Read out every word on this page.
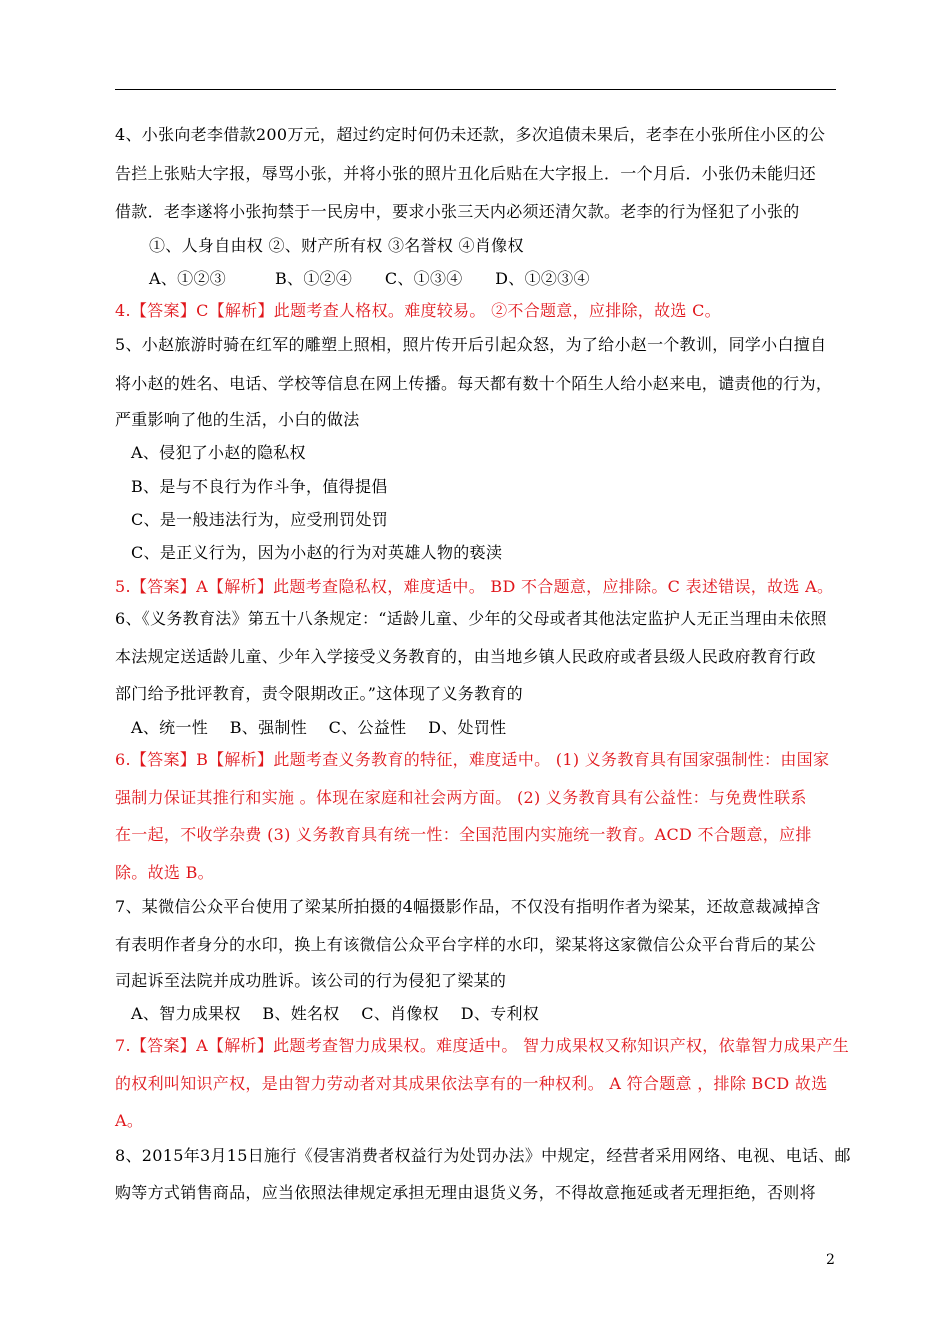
4、小张向老李借款200万元，超过约定时何仍未还款，多次追债未果后，老李在小张所住小区的公
告拦上张贴大字报，辱骂小张，并将小张的照片丑化后贴在大字报上．一个月后．小张仍未能归还
借款．老李遂将小张拘禁于一民房中，要求小张三天内必须还清欠款。老李的行为怪犯了小张的
①、人身自由权 ②、财产所有权 ③名誉权 ④肖像权
A、①②③　　　B、①②④　　C、①③④　　D、①②③④
4.【答案】C【解析】此题考查人格权。难度较易。 ②不合题意，应排除，故选 C。
5、小赵旅游时骑在红军的雕塑上照相，照片传开后引起众怒，为了给小赵一个教训，同学小白擅自
将小赵的姓名、电话、学校等信息在网上传播。每天都有数十个陌生人给小赵来电，谴责他的行为，
严重影响了他的生活，小白的做法
A、侵犯了小赵的隐私权
B、是与不良行为作斗争，值得提倡
C、是一般违法行为，应受刑罚处罚
C、是正义行为，因为小赵的行为对英雄人物的亵渎
5.【答案】A【解析】此题考查隐私权，难度适中。 BD 不合题意，应排除。C 表述错误，故选 A。
6、《义务教育法》第五十八条规定：“适龄儿童、少年的父母或者其他法定监护人无正当理由未依照
本法规定送适龄儿童、少年入学接受义务教育的，由当地乡镇人民政府或者县级人民政府教育行政
部门给予批评教育，责令限期改正。”这体现了义务教育的
A、统一性　 B、强制性　 C、公益性　 D、处罚性
6.【答案】B【解析】此题考查义务教育的特征，难度适中。 (1) 义务教育具有国家强制性：由国家
强制力保证其推行和实施 。体现在家庭和社会两方面。 (2) 义务教育具有公益性：与免费性联系
在一起，不收学杂费 (3) 义务教育具有统一性：全国范围内实施统一教育。ACD 不合题意，应排
除。故选 B。
7、某微信公众平台使用了梁某所拍摄的4幅摄影作品，不仅没有指明作者为梁某，还故意裁减掉含
有表明作者身分的水印，换上有该微信公众平台字样的水印，梁某将这家微信公众平台背后的某公
司起诉至法院并成功胜诉。该公司的行为侵犯了梁某的
A、智力成果权　 B、姓名权　 C、肖像权　 D、专利权
7.【答案】A【解析】此题考查智力成果权。难度适中。 智力成果权又称知识产权，依靠智力成果产生
的权利叫知识产权，是由智力劳动者对其成果依法享有的一种权利。 A 符合题意 ，排除 BCD 故选
A。
8、2015年3月15日施行《侵害消费者权益行为处罚办法》中规定，经营者采用网络、电视、电话、邮
购等方式销售商品，应当依照法律规定承担无理由退货义务，不得故意拖延或者无理拒绝，否则将
2
